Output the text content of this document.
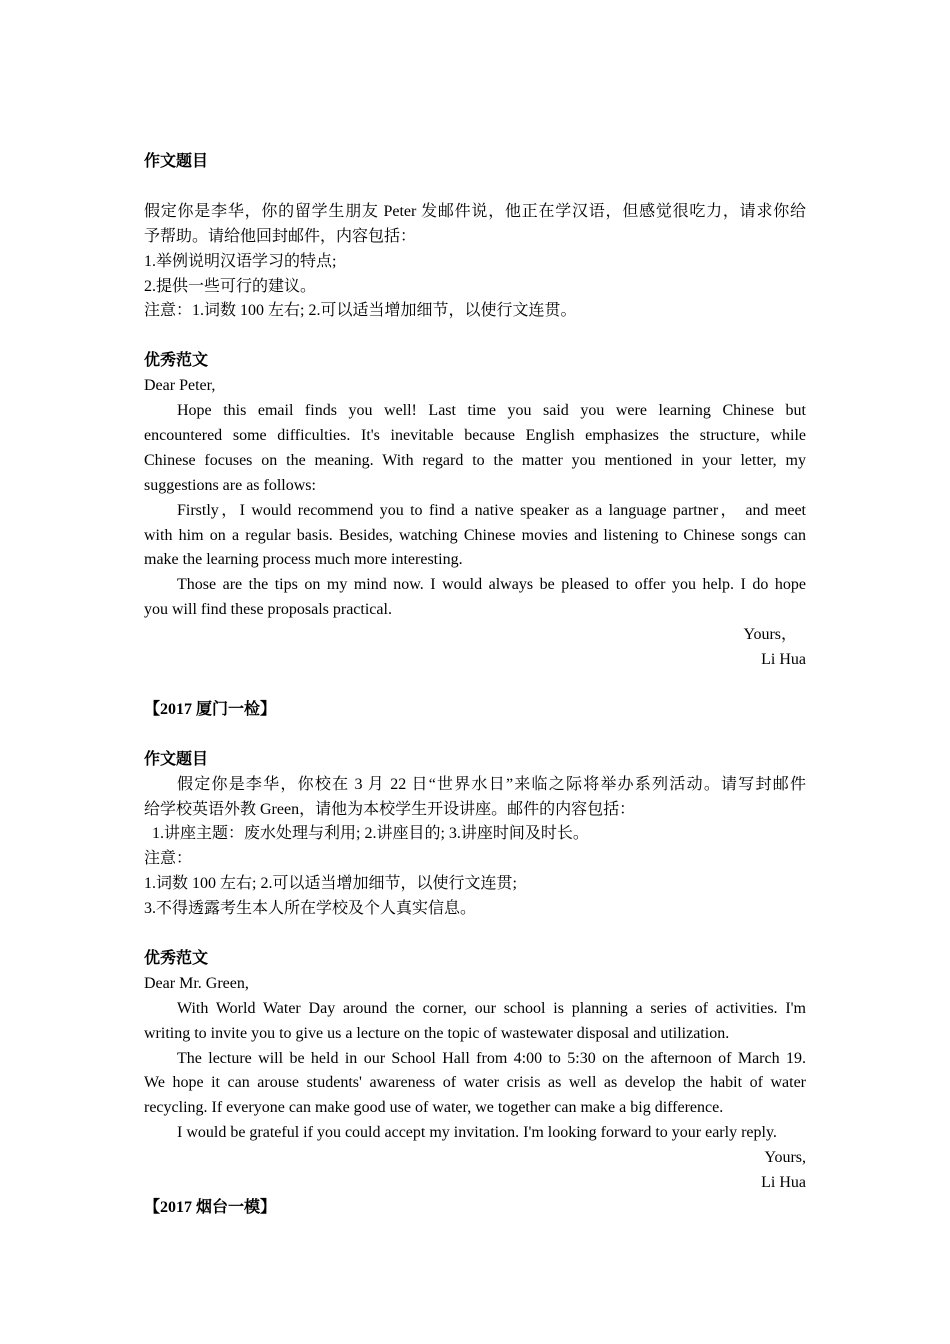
作文题目
假定你是李华，你的留学生朋友 Peter 发邮件说，他正在学汉语，但感觉很吃力，请求你给
予帮助。请给他回封邮件，内容包括：
1.举例说明汉语学习的特点;
2.提供一些可行的建议。
注意：1.词数 100 左右; 2.可以适当增加细节，以使行文连贯。
优秀范文
Dear Peter,
Hope this email finds you well! Last time you said you were learning Chinese but
encountered some difficulties. It's inevitable because English emphasizes the structure, while
Chinese focuses on the meaning. With regard to the matter you mentioned in your letter, my
suggestions are as follows:
Firstly，I would recommend you to find a native speaker as a language partner， and meet
with him on a regular basis. Besides, watching Chinese movies and listening to Chinese songs can
make the learning process much more interesting.
Those are the tips on my mind now. I would always be pleased to offer you help. I do hope
you will find these proposals practical.
Yours，
Li Hua
【2017 厦门一检】
作文题目
假定你是李华，你校在 3 月 22 日“世界水日”来临之际将举办系列活动。请写封邮件
给学校英语外教 Green，请他为本校学生开设讲座。邮件的内容包括：
1.讲座主题：废水处理与利用; 2.讲座目的; 3.讲座时间及时长。
注意：
1.词数 100 左右; 2.可以适当增加细节，以使行文连贯;
3.不得透露考生本人所在学校及个人真实信息。
优秀范文
Dear Mr. Green,
With World Water Day around the corner, our school is planning a series of activities. I'm
writing to invite you to give us a lecture on the topic of wastewater disposal and utilization.
The lecture will be held in our School Hall from 4:00 to 5:30 on the afternoon of March 19.
We hope it can arouse students' awareness of water crisis as well as develop the habit of water
recycling. If everyone can make good use of water, we together can make a big difference.
I would be grateful if you could accept my invitation. I'm looking forward to your early reply.
Yours,
Li Hua
【2017 烟台一模】
